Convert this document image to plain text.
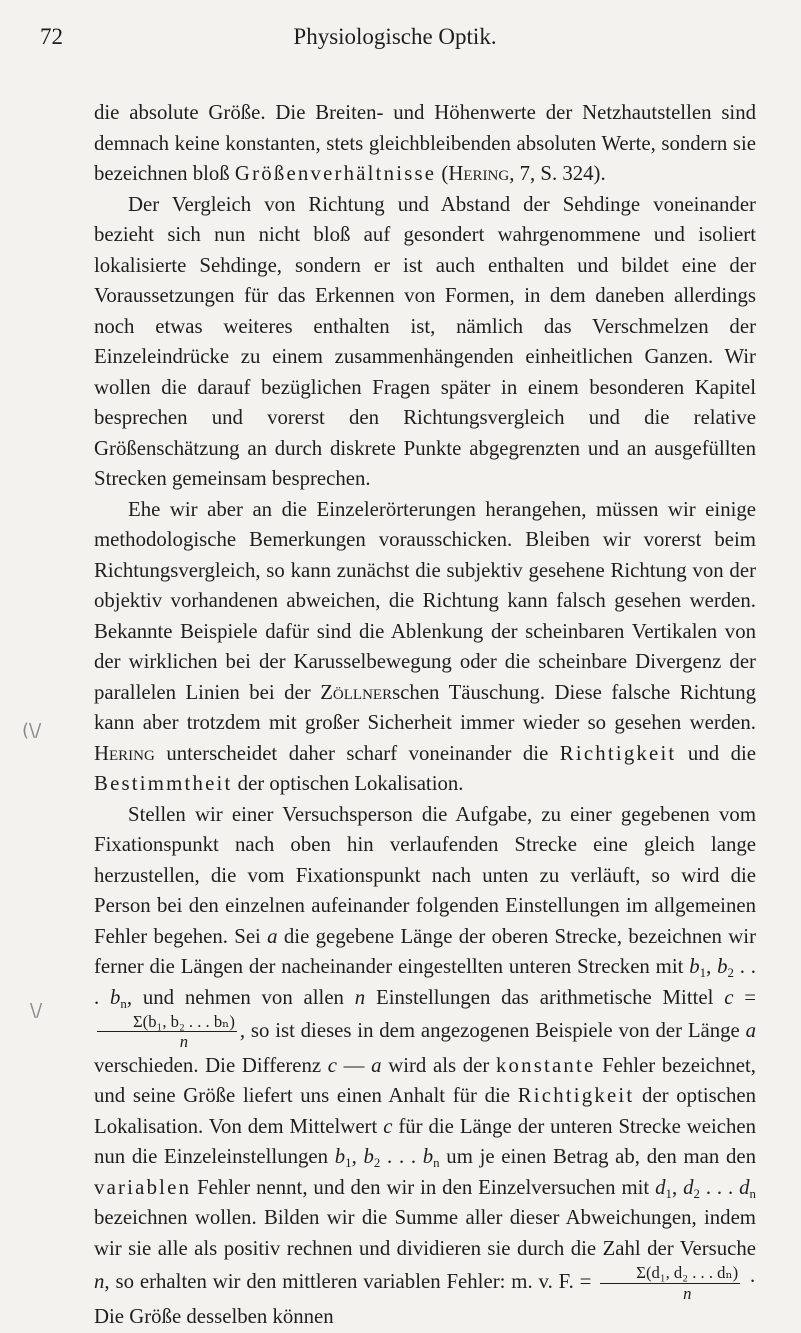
72	Physiologische Optik.

die absolute Größe. Die Breiten- und Höhenwerte der Netzhautstellen sind demnach keine konstanten, stets gleichbleibenden absoluten Werte, sondern sie bezeichnen bloß Größenverhältnisse (Hering, 7, S. 324).

Der Vergleich von Richtung und Abstand der Sehdinge voneinander bezieht sich nun nicht bloß auf gesondert wahrgenommene und isoliert lokalisierte Sehdinge, sondern er ist auch enthalten und bildet eine der Voraussetzungen für das Erkennen von Formen, in dem daneben allerdings noch etwas weiteres enthalten ist, nämlich das Verschmelzen der Einzeleindrücke zu einem zusammenhängenden einheitlichen Ganzen. Wir wollen die darauf bezüglichen Fragen später in einem besonderen Kapitel besprechen und vorerst den Richtungsvergleich und die relative Größenschätzung an durch diskrete Punkte abgegrenzten und an ausgefüllten Strecken gemeinsam besprechen.

Ehe wir aber an die Einzelerörterungen herangehen, müssen wir einige methodologische Bemerkungen vorausschicken. Bleiben wir vorerst beim Richtungsvergleich, so kann zunächst die subjektiv gesehene Richtung von der objektiv vorhandenen abweichen, die Richtung kann falsch gesehen werden. Bekannte Beispiele dafür sind die Ablenkung der scheinbaren Vertikalen von der wirklichen bei der Karusselbewegung oder die scheinbare Divergenz der parallelen Linien bei der Zöllnerschen Täuschung. Diese falsche Richtung kann aber trotzdem mit großer Sicherheit immer wieder so gesehen werden. Hering unterscheidet daher scharf voneinander die Richtigkeit und die Bestimmtheit der optischen Lokalisation.

Stellen wir einer Versuchsperson die Aufgabe, zu einer gegebenen vom Fixationspunkt nach oben hin verlaufenden Strecke eine gleich lange herzustellen, die vom Fixationspunkt nach unten zu verläuft, so wird die Person bei den einzelnen aufeinander folgenden Einstellungen im allgemeinen Fehler begehen. Sei a die gegebene Länge der oberen Strecke, bezeichnen wir ferner die Längen der nacheinander eingestellten unteren Strecken mit $b_1$, $b_2$ . . . $b_n$, und nehmen von allen n Einstellungen das arithmetische Mittel c =
$\frac{\text{Σ(b₁, b₂ . . . bₙ)}}{n}$ , so ist dieses in dem angezogenen Beispiele von der Länge a verschieden. Die Differenz c — a wird als der konstante Fehler bezeichnet, und seine Größe liefert uns einen Anhalt für die Richtigkeit der optischen Lokalisation. Von dem Mittelwert c für die Länge der unteren Strecke weichen nun die Einzeleinstellungen $b_1$, $b_2$ . . . $b_n$ um je einen Betrag ab, den man den variablen Fehler nennt, und den wir in den Einzelversuchen mit $d_1$, $d_2$ . . . $d_n$ bezeichnen wollen. Bilden wir die Summe aller dieser Abweichungen, indem wir sie alle als positiv rechnen und dividieren sie durch die Zahl der Versuche n, so erhalten wir den mittleren variablen Fehler: m. v. F. = $\frac{\text{Σ(d₁, d₂ . . . dₙ)}}{n}$ · Die Größe desselben können

(\/
\/
